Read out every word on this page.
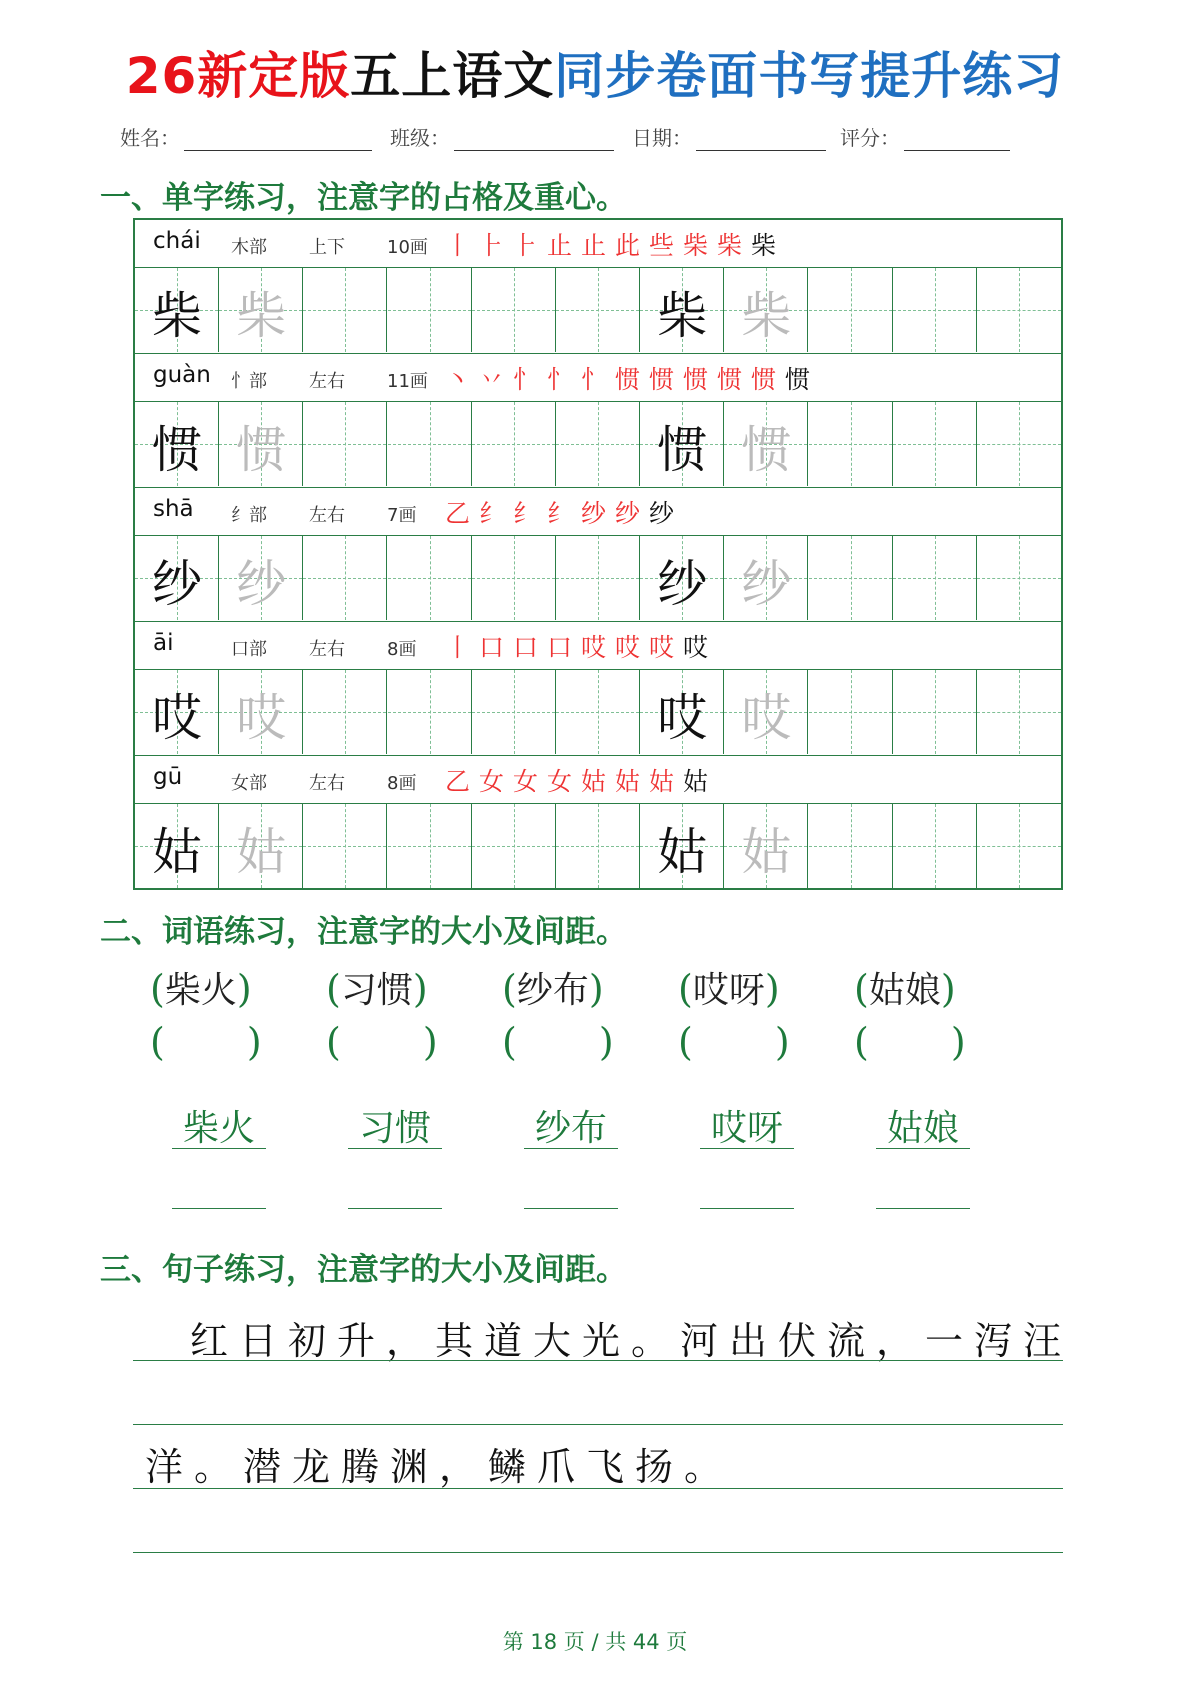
26新定版五上语文同步卷面书写提升练习
姓名：	班级：	日期：	评分：
一、单字练习，注意字的占格及重心。
chái 木部 上下 10画 丨 ⺊ ⺊ 止 止 此 些 柴 柴 柴
柴 柴	柴 柴
guàn 忄部 左右 11画 丶 丷 忄 忄 忄 惯 惯 惯 惯 惯 惯
惯 惯	惯 惯
shā 纟部 左右 7画 乙 纟 纟 纟 纱 纱 纱
纱 纱	纱 纱
āi	口部 左右 8画 丨 口 口 口 哎 哎 哎 哎
哎 哎	哎 哎
gū	女部 左右 8画 乙 女 女 女 姑 姑 姑 姑
姑 姑	姑 姑
二、词语练习，注意字的大小及间距。
(柴火)	(习惯)	(纱布)	(哎呀)	(姑娘)
( )	( )	( )	( )	( )
柴火	习惯	纱布	哎呀	姑娘
三、句子练习，注意字的大小及间距。
红日初升，其道大光。河出伏流，一泻汪
洋。潜龙腾渊，鳞爪飞扬。
第 18 页 / 共 44 页
